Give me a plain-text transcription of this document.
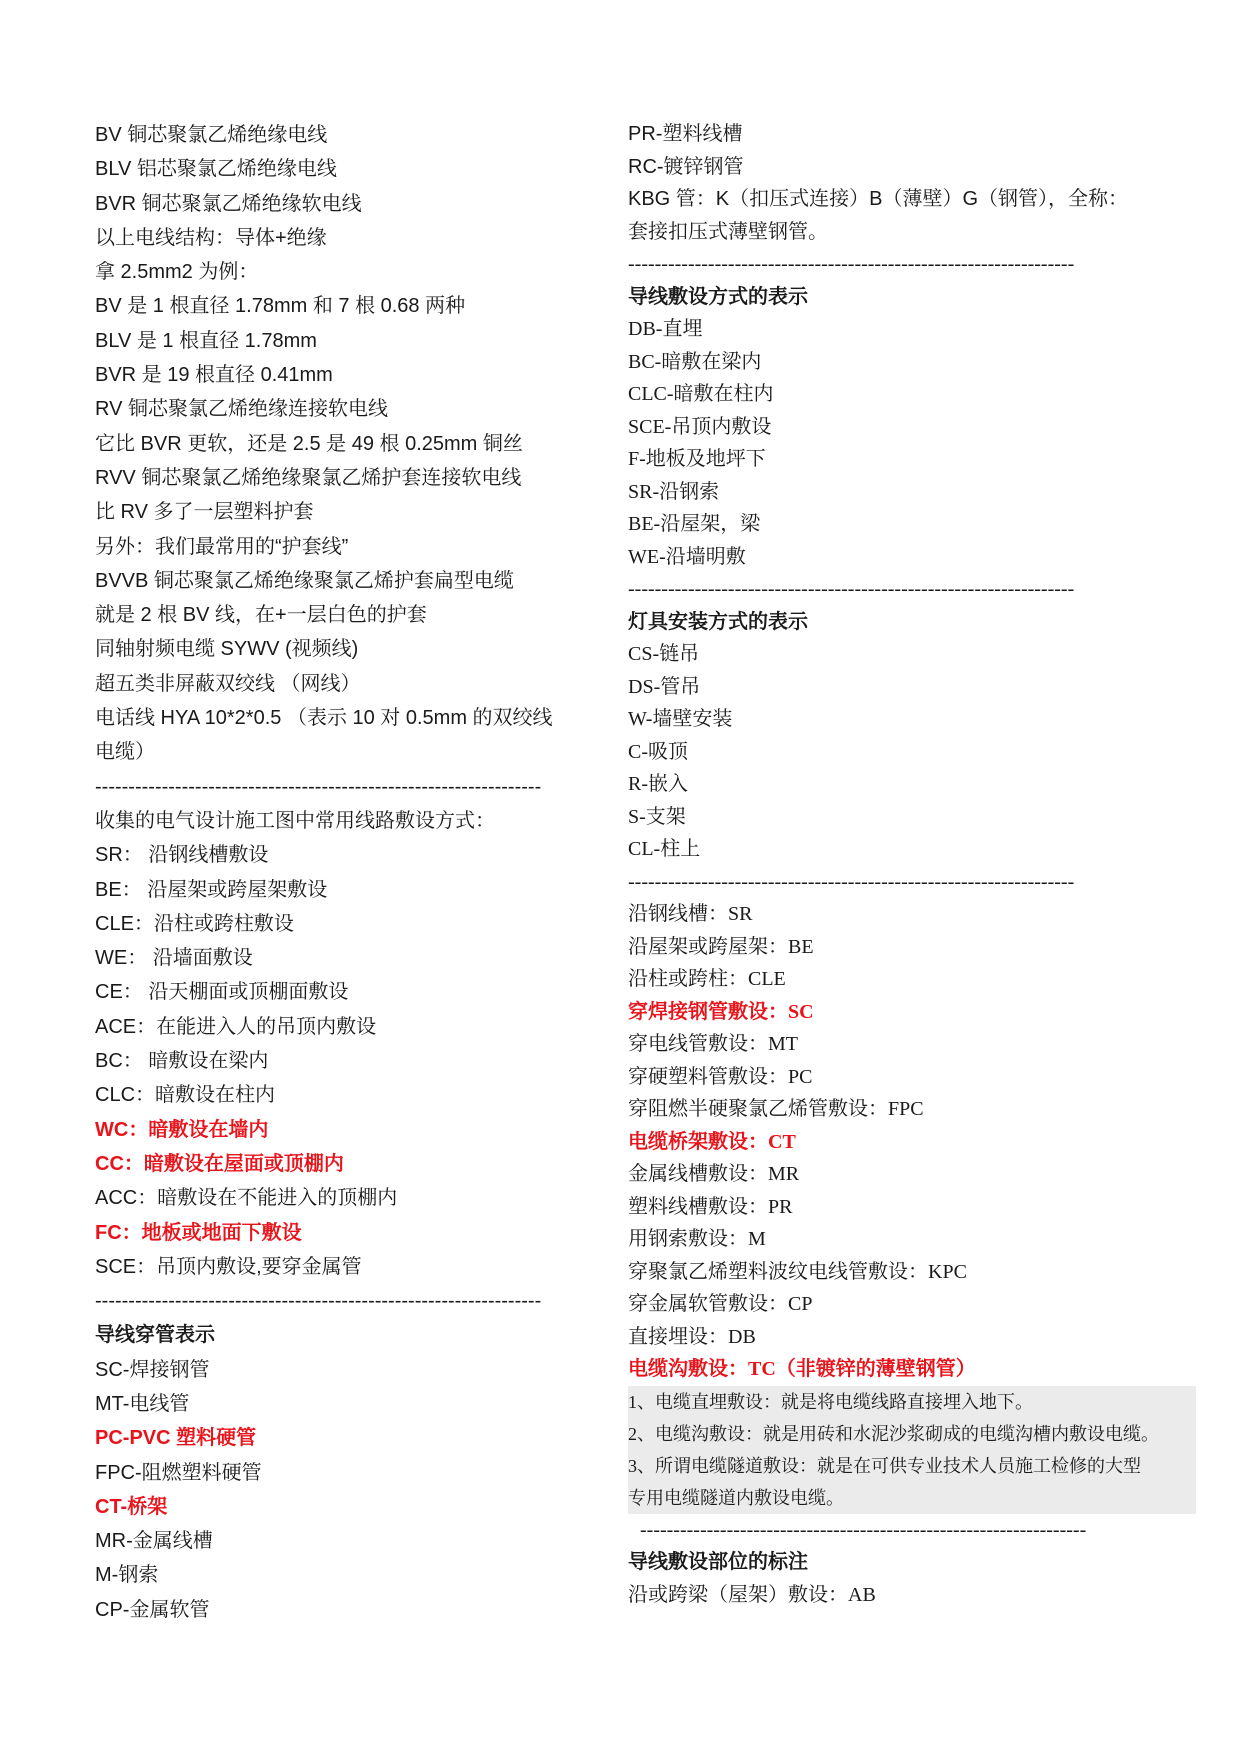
BV 铜芯聚氯乙烯绝缘电线
BLV 铝芯聚氯乙烯绝缘电线
BVR 铜芯聚氯乙烯绝缘软电线
以上电线结构：导体+绝缘
拿 2.5mm2 为例：
BV 是 1 根直径 1.78mm 和 7 根 0.68 两种
BLV 是 1 根直径 1.78mm
BVR 是 19 根直径 0.41mm
RV 铜芯聚氯乙烯绝缘连接软电线
它比 BVR 更软，还是 2.5 是 49 根 0.25mm 铜丝
RVV 铜芯聚氯乙烯绝缘聚氯乙烯护套连接软电线
比 RV 多了一层塑料护套
另外：我们最常用的“护套线”
BVVB 铜芯聚氯乙烯绝缘聚氯乙烯护套扁型电缆
就是 2 根 BV 线，在+一层白色的护套
同轴射频电缆 SYWV (视频线)
超五类非屏蔽双绞线 （网线）
电话线 HYA 10*2*0.5 （表示 10 对 0.5mm 的双绞线
电缆）
-------------------------------------------------------------------
收集的电气设计施工图中常用线路敷设方式：
SR： 沿钢线槽敷设
BE： 沿屋架或跨屋架敷设
CLE：沿柱或跨柱敷设
WE： 沿墙面敷设
CE： 沿天棚面或顶棚面敷设
ACE：在能进入人的吊顶内敷设
BC： 暗敷设在梁内
CLC：暗敷设在柱内
WC：暗敷设在墙内
CC：暗敷设在屋面或顶棚内
ACC：暗敷设在不能进入的顶棚内
FC：地板或地面下敷设
SCE：吊顶内敷设,要穿金属管
-------------------------------------------------------------------
导线穿管表示
SC-焊接钢管
MT-电线管
PC-PVC 塑料硬管
FPC-阻燃塑料硬管
CT-桥架
MR-金属线槽
M-钢索
CP-金属软管
PR-塑料线槽
RC-镀锌钢管
KBG 管：K（扣压式连接）B（薄壁）G（钢管），全称：
套接扣压式薄壁钢管。
-------------------------------------------------------------------
导线敷设方式的表示
DB-直埋
BC-暗敷在梁内
CLC-暗敷在柱内
SCE-吊顶内敷设
F-地板及地坪下
SR-沿钢索
BE-沿屋架，梁
WE-沿墙明敷
-------------------------------------------------------------------
灯具安装方式的表示
CS-链吊
DS-管吊
W-墙壁安装
C-吸顶
R-嵌入
S-支架
CL-柱上
-------------------------------------------------------------------
沿钢线槽：SR
沿屋架或跨屋架：BE
沿柱或跨柱：CLE
穿焊接钢管敷设：SC
穿电线管敷设：MT
穿硬塑料管敷设：PC
穿阻燃半硬聚氯乙烯管敷设：FPC
电缆桥架敷设：CT
金属线槽敷设：MR
塑料线槽敷设：PR
用钢索敷设：M
穿聚氯乙烯塑料波纹电线管敷设：KPC
穿金属软管敷设：CP
直接埋设：DB
电缆沟敷设：TC（非镀锌的薄壁钢管）
1、电缆直埋敷设：就是将电缆线路直接埋入地下。
2、电缆沟敷设：就是用砖和水泥沙浆砌成的电缆沟槽内敷设电缆。
3、所谓电缆隧道敷设：就是在可供专业技术人员施工检修的大型
专用电缆隧道内敷设电缆。
-------------------------------------------------------------------
导线敷设部位的标注
沿或跨梁（屋架）敷设：AB
